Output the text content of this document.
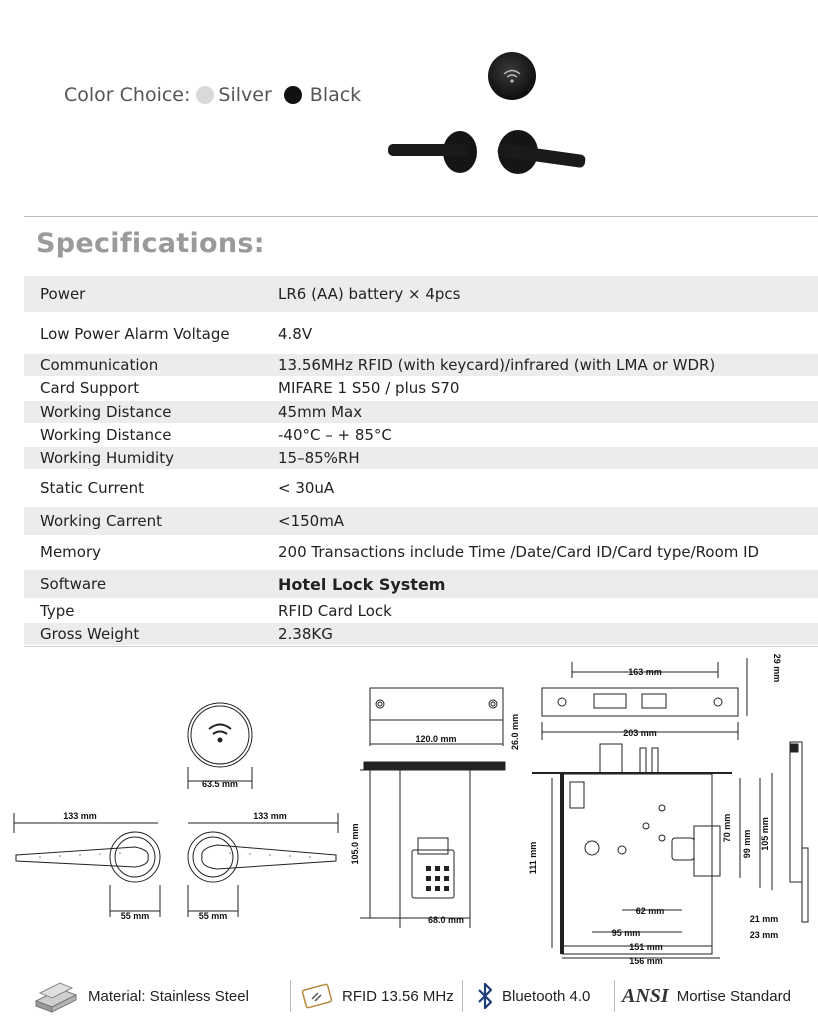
Color Choice: Silver Black
Specifications:
Power	LR6 (AA) battery × 4pcs
Low Power Alarm Voltage	4.8V
Communication	13.56MHz RFID (with keycard)/infrared (with LMA or WDR)
Card Support	MIFARE 1 S50 / plus S70
Working Distance	45mm Max
Working Distance	-40°C – + 85°C
Working Humidity	15–85%RH
Static Current	< 30uA
Working Carrent	<150mA
Memory	200 Transactions include Time /Date/Card ID/Card type/Room ID
Software	Hotel Lock System
Type	RFID Card Lock
Gross Weight	2.38KG
63.5 mm
133 mm	133 mm
55 mm	55 mm
120.0 mm	26.0 mm
105.0 mm
68.0 mm
163 mm
203 mm
29 mm
111 mm
70 mm
99 mm 105 mm
62 mm
95 mm
151 mm
156 mm
21 mm
23 mm
Material: Stainless Steel	RFID 13.56 MHz	Bluetooth 4.0 ANSI Mortise Standard
